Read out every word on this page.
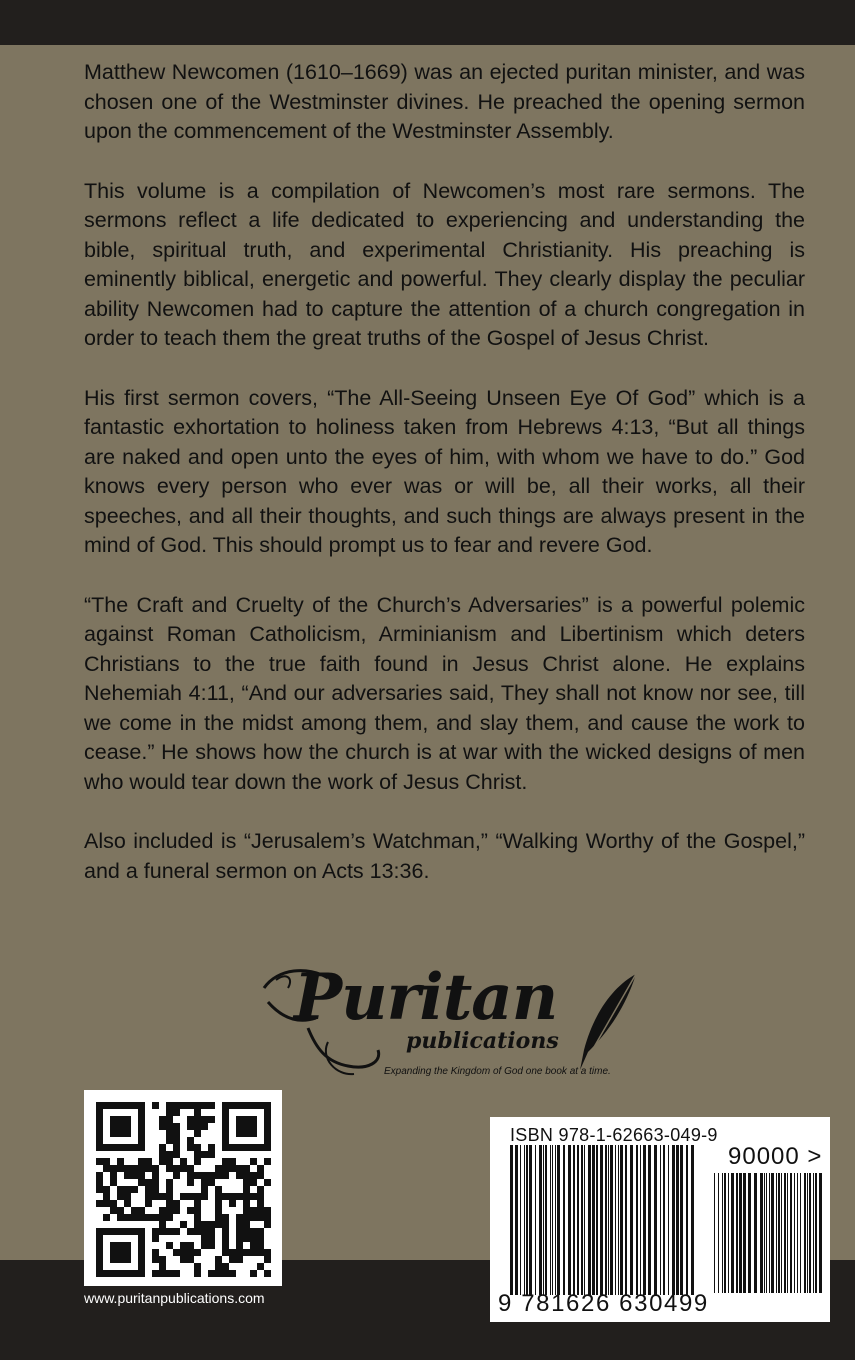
Matthew Newcomen (1610–1669) was an ejected puritan minister, and was chosen one of the Westminster divines. He preached the opening sermon upon the commencement of the Westminster Assembly.

This volume is a compilation of Newcomen’s most rare sermons. The sermons reflect a life dedicated to experiencing and understanding the bible, spiritual truth, and experimental Christianity. His preaching is eminently biblical, energetic and powerful. They clearly display the peculiar ability Newcomen had to capture the attention of a church congregation in order to teach them the great truths of the Gospel of Jesus Christ.

His first sermon covers, “The All-Seeing Unseen Eye Of God” which is a fantastic exhortation to holiness taken from Hebrews 4:13, “But all things are naked and open unto the eyes of him, with whom we have to do.” God knows every person who ever was or will be, all their works, all their speeches, and all their thoughts, and such things are always present in the mind of God. This should prompt us to fear and revere God.

“The Craft and Cruelty of the Church’s Adversaries” is a powerful polemic against Roman Catholicism, Arminianism and Libertinism which deters Christians to the true faith found in Jesus Christ alone. He explains Nehemiah 4:11, “And our adversaries said, They shall not know nor see, till we come in the midst among them, and slay them, and cause the work to cease.” He shows how the church is at war with the wicked designs of men who would tear down the work of Jesus Christ.

Also included is “Jerusalem’s Watchman,” “Walking Worthy of the Gospel,” and a funeral sermon on Acts 13:36.

Puritan
publications
Expanding the Kingdom of God one book at a time.
www.puritanpublications.com
ISBN 978-1-62663-049-9
90000 >
9 781626 630499
